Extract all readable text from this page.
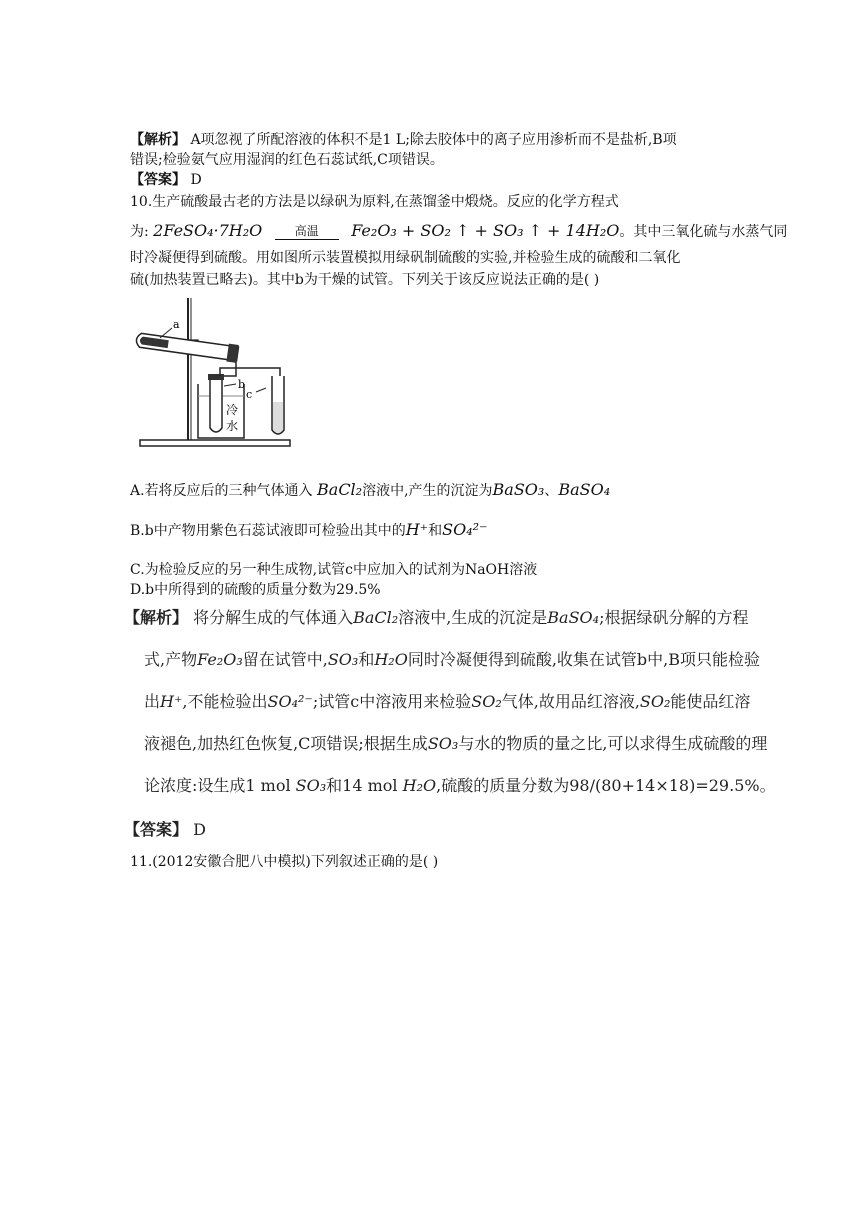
【解析】 A项忽视了所配溶液的体积不是1 L;除去胶体中的离子应用渗析而不是盐析,B项
错误;检验氨气应用湿润的红色石蕊试纸,C项错误。
【答案】 D
10.生产硫酸最古老的方法是以绿矾为原料,在蒸馏釜中煅烧。反应的化学方程式
为: 2FeSO₄·7H₂O	高温	Fe₂O₃ + SO₂ ↑ + SO₃ ↑ + 14H₂O。其中三氧化硫与水蒸气同
时冷凝便得到硫酸。用如图所示装置模拟用绿矾制硫酸的实验,并检验生成的硫酸和二氧化
硫(加热装置已略去)。其中b为干燥的试管。下列关于该反应说法正确的是( )
a
冷
水
b
c
A.若将反应后的三种气体通入 BaCl₂溶液中,产生的沉淀为BaSO₃、BaSO₄
B.b中产物用紫色石蕊试液即可检验出其中的H⁺和SO₄²⁻
C.为检验反应的另一种生成物,试管c中应加入的试剂为NaOH溶液
D.b中所得到的硫酸的质量分数为29.5%
【解析】 将分解生成的气体通入BaCl₂溶液中,生成的沉淀是BaSO₄;根据绿矾分解的方程
式,产物Fe₂O₃留在试管中,SO₃和H₂O同时冷凝便得到硫酸,收集在试管b中,B项只能检验
出H⁺,不能检验出SO₄²⁻;试管c中溶液用来检验SO₂气体,故用品红溶液,SO₂能使品红溶
液褪色,加热红色恢复,C项错误;根据生成SO₃与水的物质的量之比,可以求得生成硫酸的理
论浓度:设生成1 mol SO₃和14 mol H₂O,硫酸的质量分数为98/(80+14×18)=29.5%。
【答案】 D
11.(2012安徽合肥八中模拟)下列叙述正确的是( )
